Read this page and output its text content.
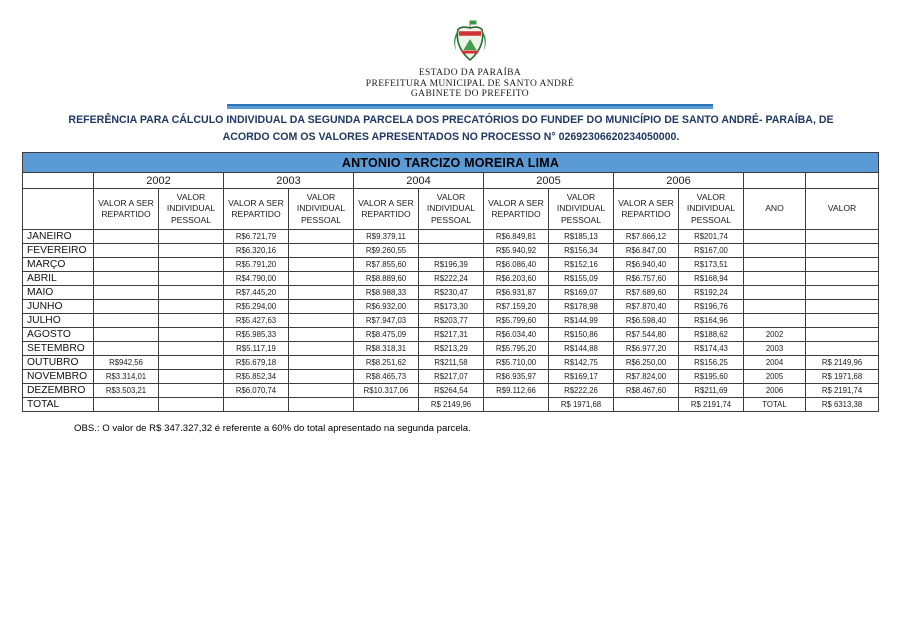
ESTADO DA PARAÍBA
PREFEITURA MUNICIPAL DE SANTO ANDRÉ
GABINETE DO PREFEITO
REFERÊNCIA PARA CÁLCULO INDIVIDUAL DA SEGUNDA PARCELA DOS PRECATÓRIOS DO FUNDEF DO MUNICÍPIO DE SANTO ANDRÉ- PARAÍBA, DE ACORDO COM OS VALORES APRESENTADOS NO PROCESSO N° 02692306620234050000.
ANTONIO TARCIZO MOREIRA LIMA												
	2002		2003		2004		2005		2006			
	VALOR A SER REPARTIDO	VALOR INDIVIDUAL PESSOAL	VALOR A SER REPARTIDO	VALOR INDIVIDUAL PESSOAL	VALOR A SER REPARTIDO	VALOR INDIVIDUAL PESSOAL	VALOR A SER REPARTIDO	VALOR INDIVIDUAL PESSOAL	VALOR A SER REPARTIDO	VALOR INDIVIDUAL PESSOAL	ANO	VALOR
JANEIRO			R$6.721,79		R$9.379,11		R$6.849,81	R$185,13	R$7.666,12	R$201,74		
FEVEREIRO			R$6.320,16		R$9.260,55		R$5.940,92	R$156,34	R$6.847,00	R$167,00		
MARÇO			R$5.791,20		R$7.855,60	R$196,39	R$6.086,40	R$152,16	R$6.940,40	R$173,51		
ABRIL			R$4.790,00		R$8.889,60	R$222,24	R$6.203,60	R$155,09	R$6.757,60	R$168,94		
MAIO			R$7.445,20		R$8.988,33	R$230,47	R$6.931,87	R$169,07	R$7.689,60	R$192,24		
JUNHO			R$5.294,00		R$6.932,00	R$173,30	R$7.159,20	R$178,98	R$7.870,40	R$196,76		
JULHO			R$5.427,63		R$7.947,03	R$203,77	R$5.799,60	R$144,99	R$6.598,40	R$164,96		
AGOSTO			R$5.985,33		R$8.475,09	R$217,31	R$6.034,40	R$150,86	R$7.544,80	R$188,62	2002	
SETEMBRO			R$5.117,19		R$8.318,31	R$213,29	R$5.795,20	R$144,88	R$6.977,20	R$174,43	2003	
OUTUBRO	R$942,56		R$5.679,18		R$8.251,62	R$211,58	R$5.710,00	R$142,75	R$6.250,00	R$156,25	2004	R$ 2149,96
NOVEMBRO	R$3.314,01		R$5.852,34		R$8.465,73	R$217,07	R$6.935,97	R$169,17	R$7.824,00	R$195,60	2005	R$ 1971,68
DEZEMBRO	R$3.503,21		R$6.070,74		R$10.317,06	R$264,54	R$9.112,66	R$222,26	R$8.467,60	R$211,69	2006	R$ 2191,74
TOTAL						R$ 2149,96		R$ 1971,68		R$ 2191,74	TOTAL	R$ 6313,38
OBS.: O valor de R$ 347.327,32 é referente a 60% do total apresentado na segunda parcela.
